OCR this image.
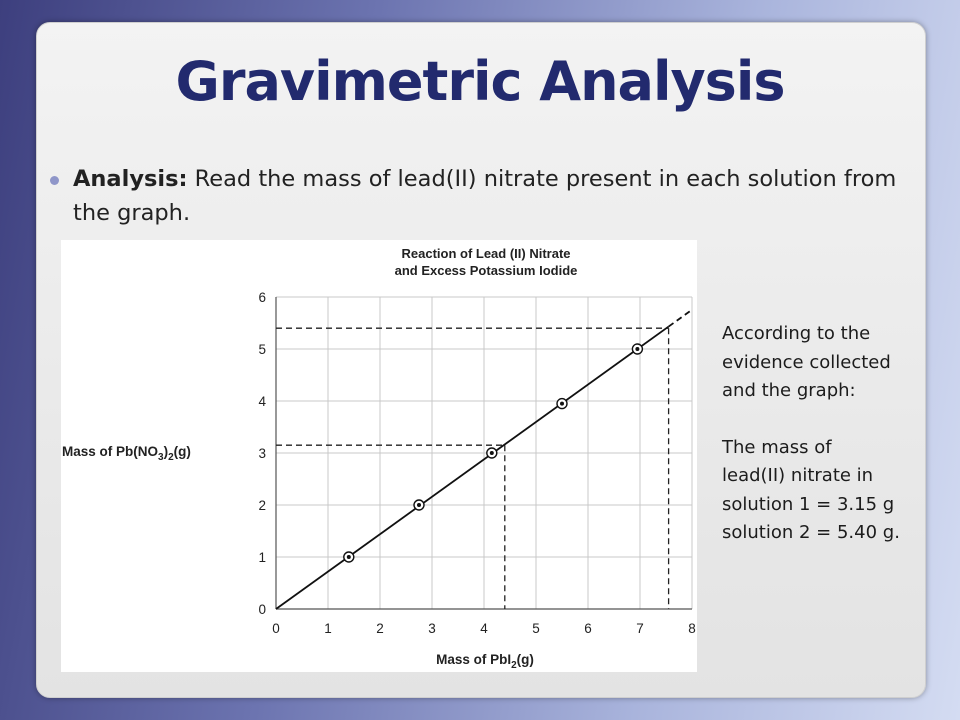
Gravimetric Analysis
Analysis: Read the mass of lead(II) nitrate present in each solution from the graph.
Reaction of Lead (II) Nitrate
and Excess Potassium Iodide
0	1	2	3	4	5	6	7	8
0
1
2
3
4
5
6
Mass of PbI$_2$(g)
Mass of $Pb(NO_3)_2(g)$
According to the
evidence collected
and the graph:
The mass of
lead(II) nitrate in
solution 1 = 3.15 g
solution 2 = 5.40 g.
